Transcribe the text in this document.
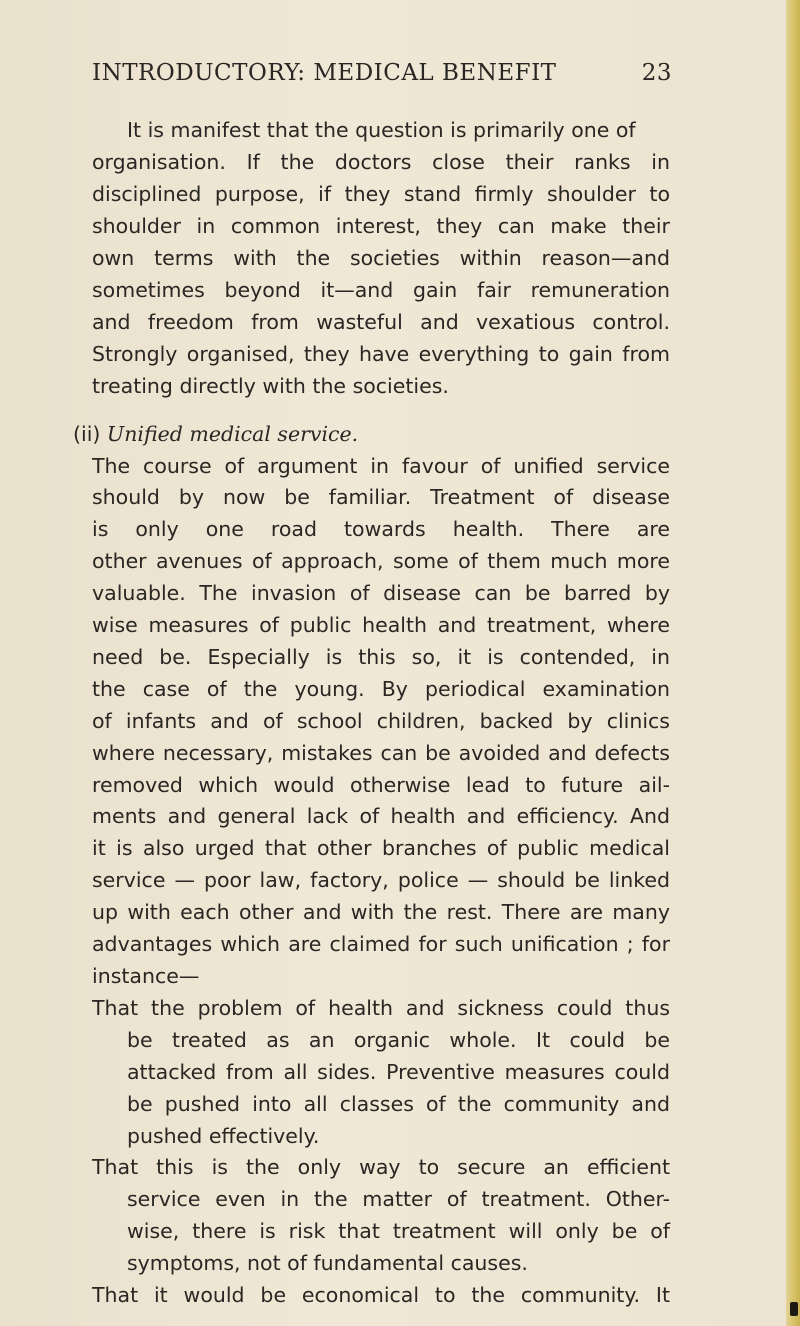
INTRODUCTORY: MEDICAL BENEFIT	23
It is manifest that the question is primarily one of
organisation. If the doctors close their ranks in
disciplined purpose, if they stand firmly shoulder to
shoulder in common interest, they can make their
own terms with the societies within reason—and
sometimes beyond it—and gain fair remuneration
and freedom from wasteful and vexatious control.
Strongly organised, they have everything to gain from
treating directly with the societies.
(ii) Unified medical service.
The course of argument in favour of unified service
should by now be familiar. Treatment of disease
is only one road towards health. There are
other avenues of approach, some of them much more
valuable. The invasion of disease can be barred by
wise measures of public health and treatment, where
need be. Especially is this so, it is contended, in
the case of the young. By periodical examination
of infants and of school children, backed by clinics
where necessary, mistakes can be avoided and defects
removed which would otherwise lead to future ail-
ments and general lack of health and efficiency. And
it is also urged that other branches of public medical
service — poor law, factory, police — should be linked
up with each other and with the rest. There are many
advantages which are claimed for such unification ; for
instance—
That the problem of health and sickness could thus
be treated as an organic whole. It could be
attacked from all sides. Preventive measures could
be pushed into all classes of the community and
pushed effectively.
That this is the only way to secure an efficient
service even in the matter of treatment. Other-
wise, there is risk that treatment will only be of
symptoms, not of fundamental causes.
That it would be economical to the community. It
